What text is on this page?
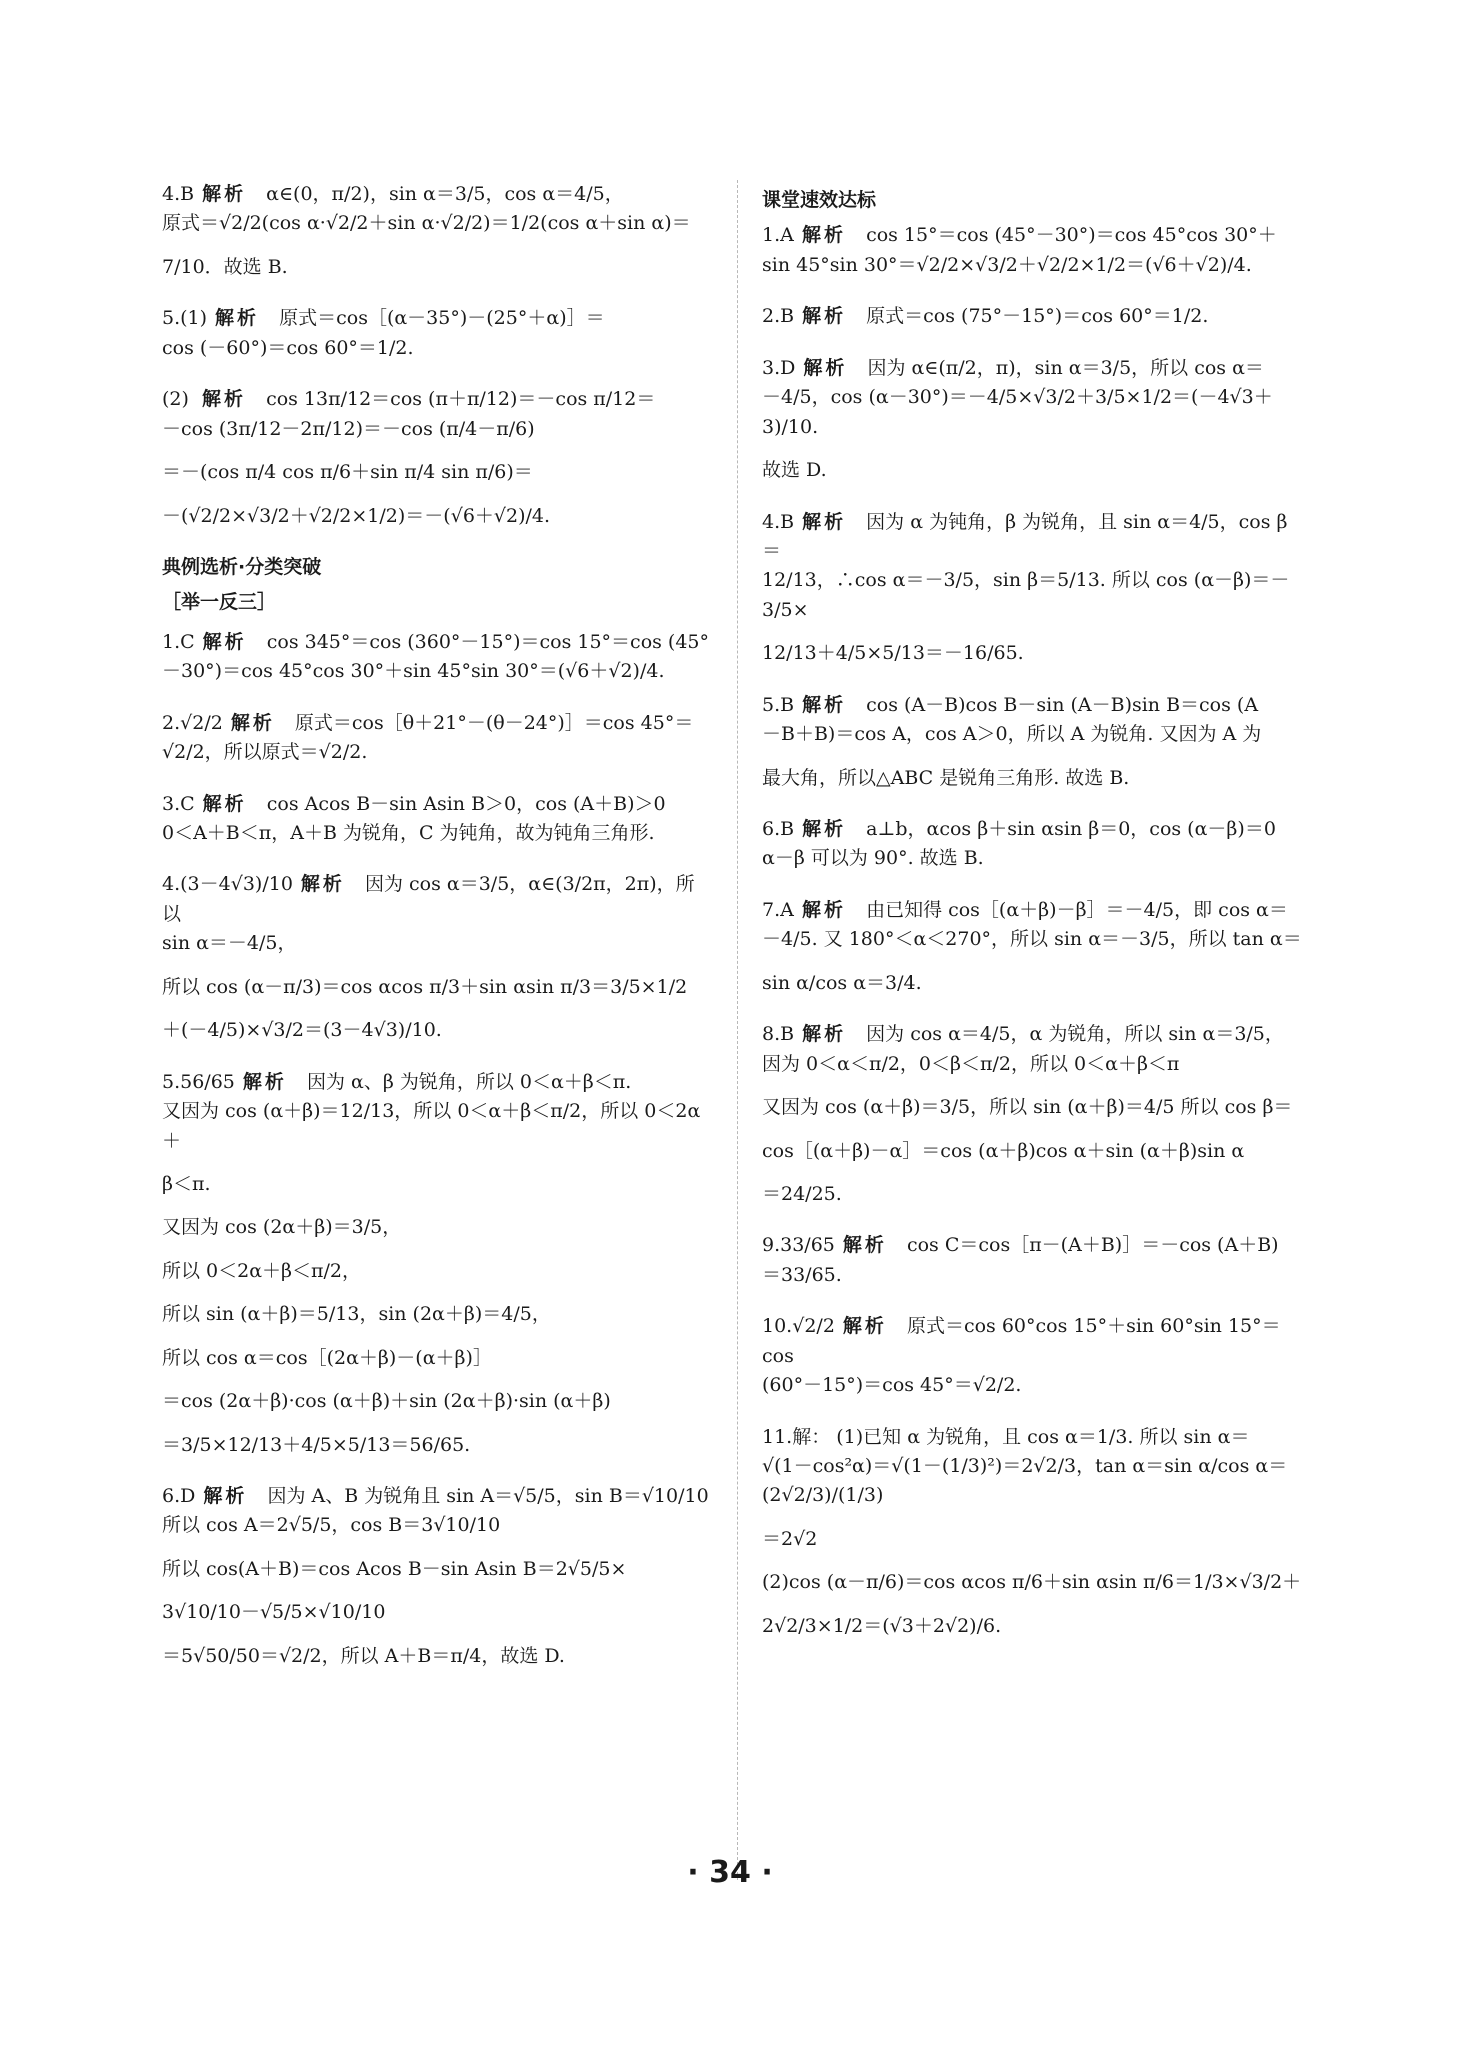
4.B 解析 α∈(0，π/2)，sin α＝3/5，cos α＝4/5，
原式＝√2/2(cos α·√2/2＋sin α·√2/2)＝1/2(cos α＋sin α)＝
7/10．故选 B.
5.(1) 解析 原式＝cos［(α－35°)－(25°＋α)］＝
cos (－60°)＝cos 60°＝1/2.
(2) 解析 cos 13π/12＝cos (π＋π/12)＝－cos π/12＝
－cos (3π/12－2π/12)＝－cos (π/4－π/6)
＝－(cos π/4 cos π/6＋sin π/4 sin π/6)＝
－(√2/2×√3/2＋√2/2×1/2)＝－(√6＋√2)/4.
典例选析·分类突破
［举一反三］
1.C 解析 cos 345°＝cos (360°－15°)＝cos 15°＝cos (45°
－30°)＝cos 45°cos 30°＋sin 45°sin 30°＝(√6＋√2)/4.
2.√2/2 解析 原式＝cos［θ＋21°－(θ－24°)］＝cos 45°＝
√2/2，所以原式＝√2/2.
3.C 解析 cos Acos B－sin Asin B＞0，cos (A＋B)＞0
0＜A＋B＜π，A＋B 为锐角，C 为钝角，故为钝角三角形.
4.(3－4√3)/10 解析 因为 cos α＝3/5，α∈(3/2π，2π)，所以
sin α＝－4/5，
所以 cos (α－π/3)＝cos αcos π/3＋sin αsin π/3＝3/5×1/2
＋(－4/5)×√3/2＝(3－4√3)/10.
5.56/65 解析 因为 α、β 为锐角，所以 0＜α＋β＜π.
又因为 cos (α＋β)＝12/13，所以 0＜α＋β＜π/2，所以 0＜2α＋
β＜π.
又因为 cos (2α＋β)＝3/5，
所以 0＜2α＋β＜π/2，
所以 sin (α＋β)＝5/13，sin (2α＋β)＝4/5，
所以 cos α＝cos［(2α＋β)－(α＋β)］
＝cos (2α＋β)·cos (α＋β)＋sin (2α＋β)·sin (α＋β)
＝3/5×12/13＋4/5×5/13＝56/65.
6.D 解析 因为 A、B 为锐角且 sin A＝√5/5，sin B＝√10/10
所以 cos A＝2√5/5，cos B＝3√10/10
所以 cos(A＋B)＝cos Acos B－sin Asin B＝2√5/5×
3√10/10－√5/5×√10/10
＝5√50/50＝√2/2，所以 A＋B＝π/4，故选 D.
课堂速效达标
1.A 解析 cos 15°＝cos (45°－30°)＝cos 45°cos 30°＋
sin 45°sin 30°＝√2/2×√3/2＋√2/2×1/2＝(√6＋√2)/4.
2.B 解析 原式＝cos (75°－15°)＝cos 60°＝1/2.
3.D 解析 因为 α∈(π/2，π)，sin α＝3/5，所以 cos α＝
－4/5，cos (α－30°)＝－4/5×√3/2＋3/5×1/2＝(－4√3＋3)/10.
故选 D.
4.B 解析 因为 α 为钝角，β 为锐角，且 sin α＝4/5，cos β＝
12/13，∴cos α＝－3/5，sin β＝5/13. 所以 cos (α－β)＝－3/5×
12/13＋4/5×5/13＝－16/65.
5.B 解析 cos (A－B)cos B－sin (A－B)sin B＝cos (A
－B＋B)＝cos A，cos A＞0，所以 A 为锐角. 又因为 A 为
最大角，所以△ABC 是锐角三角形. 故选 B.
6.B 解析 a⊥b，αcos β＋sin αsin β＝0，cos (α－β)＝0
α－β 可以为 90°. 故选 B.
7.A 解析 由已知得 cos［(α＋β)－β］＝－4/5，即 cos α＝
－4/5. 又 180°＜α＜270°，所以 sin α＝－3/5，所以 tan α＝
sin α/cos α＝3/4.
8.B 解析 因为 cos α＝4/5，α 为锐角，所以 sin α＝3/5，
因为 0＜α＜π/2，0＜β＜π/2，所以 0＜α＋β＜π
又因为 cos (α＋β)＝3/5，所以 sin (α＋β)＝4/5 所以 cos β＝
cos［(α＋β)－α］＝cos (α＋β)cos α＋sin (α＋β)sin α
＝24/25.
9.33/65 解析 cos C＝cos［π－(A＋B)］＝－cos (A＋B)
＝33/65.
10.√2/2 解析 原式＝cos 60°cos 15°＋sin 60°sin 15°＝cos
(60°－15°)＝cos 45°＝√2/2.
11.解： (1)已知 α 为锐角，且 cos α＝1/3. 所以 sin α＝
√(1－cos²α)＝√(1－(1/3)²)＝2√2/3，tan α＝sin α/cos α＝(2√2/3)/(1/3)
＝2√2
(2)cos (α－π/6)＝cos αcos π/6＋sin αsin π/6＝1/3×√3/2＋
2√2/3×1/2＝(√3＋2√2)/6.
· 34 ·
